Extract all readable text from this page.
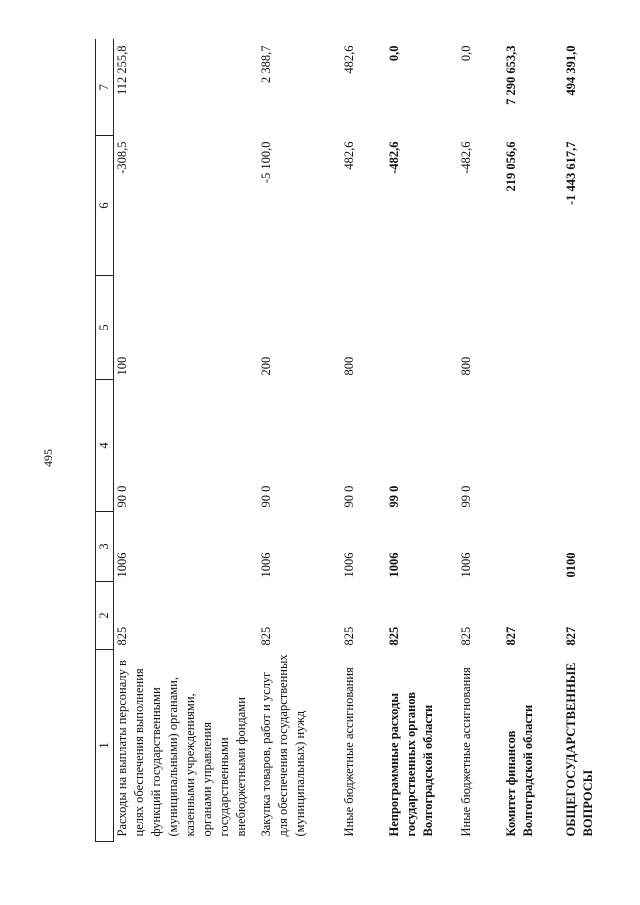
495
1	2	3	4	5	6	7
Расходы на выплаты персоналу в целях обеспечения выполнения функций государственными (муниципальными) органами, казенными учреждениями, органами управления государственными внебюджетными фондами	825	1006	90 0	100	-308,5	112 255,8
Закупка товаров, работ и услуг для обеспечения государственных (муниципальных) нужд	825	1006	90 0	200	-5 100,0	2 388,7
Иные бюджетные ассигнования	825	1006	90 0	800	482,6	482,6
Непрограммные расходы государственных органов Волгоградской области	825	1006	99 0		-482,6	0,0
Иные бюджетные ассигнования	825	1006	99 0	800	-482,6	0,0
Комитет финансов Волгоградской области	827				219 056,6	7 290 653,3
ОБЩЕГОСУДАРСТВЕННЫЕ ВОПРОСЫ	827	0100			-1 443 617,7	494 391,0
